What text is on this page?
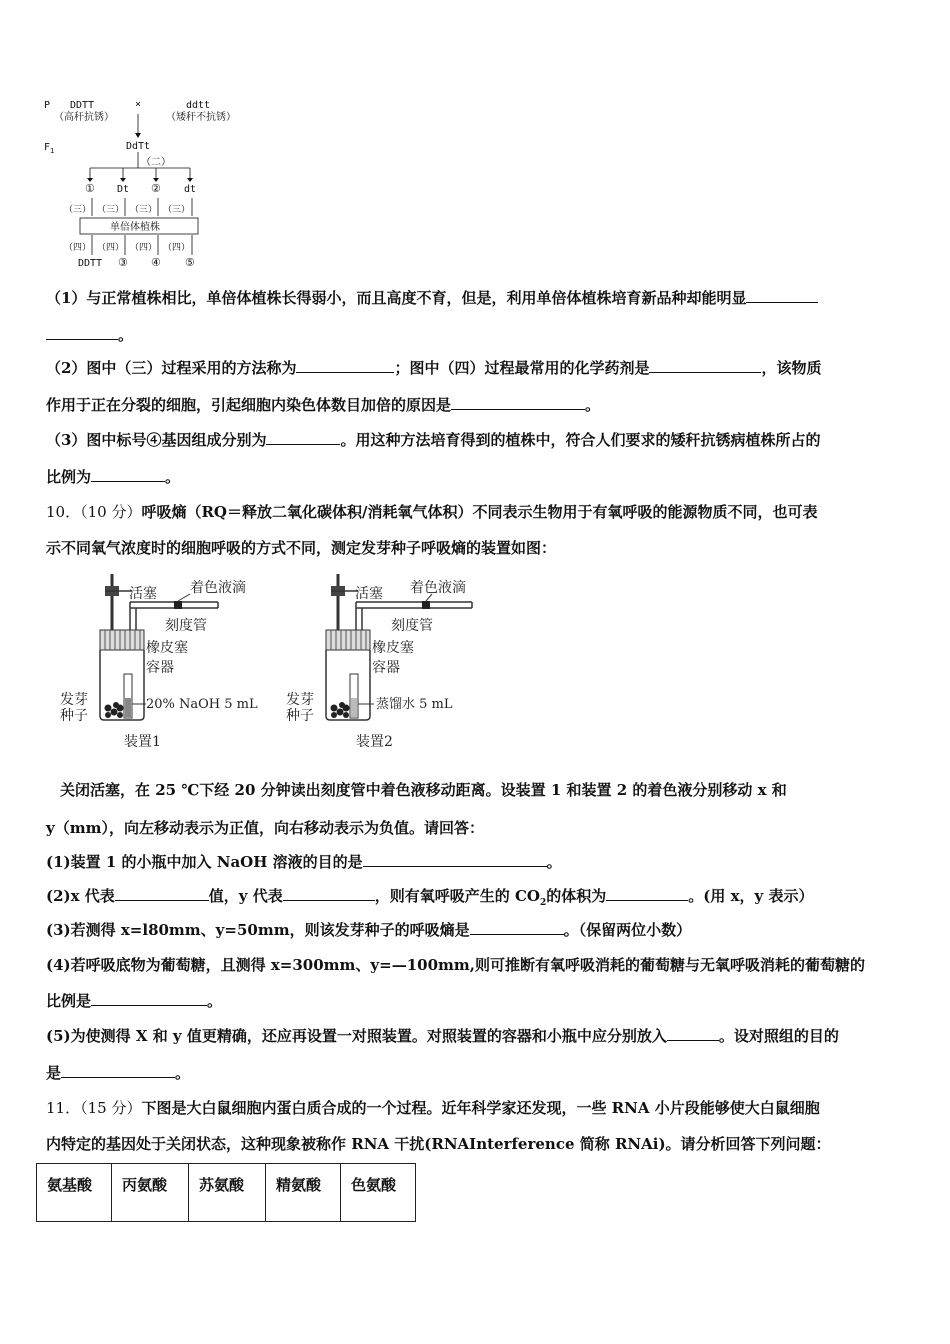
P DDTT
（高秆抗锈）
×	ddtt
（矮秆不抗锈）
$F_1$	DdTt
（二）
① Dt ② dt
（三） （三） （三） （三）
单倍体植株
（四） （四） （四） （四）
DDTT ③ ④ ⑤
（1）与正常植株相比，单倍体植株长得弱小，而且高度不育，但是，利用单倍体植株培育新品种却能明显
。
（2）图中（三）过程采用的方法称为	；图中（四）过程最常用的化学药剂是	，该物质
作用于正在分裂的细胞，引起细胞内染色体数目加倍的原因是	。
（3）图中标号④基因组成分别为	。用这种方法培育得到的植株中，符合人们要求的矮秆抗锈病植株所占的
比例为	。
10．（10 分）呼吸熵（RQ＝释放二氧化碳体积/消耗氧气体积）不同表示生物用于有氧呼吸的能源物质不同，也可表
示不同氧气浓度时的细胞呼吸的方式不同，测定发芽种子呼吸熵的装置如图：
活塞 着色液滴
刻度管
橡皮塞
容器
20% NaOH 5 mL
发芽
种子
装置1
活塞 着色液滴
刻度管
橡皮塞
容器
蒸馏水 5 mL
发芽
种子
装置2
关闭活塞，在 25 ℃下经 20 分钟读出刻度管中着色液移动距离。设装置 1 和装置 2 的着色液分别移动 x 和
y（mm），向左移动表示为正值，向右移动表示为负值。请回答：
(1)装置 1 的小瓶中加入 NaOH 溶液的目的是	。
(2)x 代表	值，y 代表	，则有氧呼吸产生的 $CO_2$的体积为	。(用 x，y 表示）
(3)若测得 x=l80mm、y=50mm，则该发芽种子的呼吸熵是	。（保留两位小数）
(4)若呼吸底物为葡萄糖，且测得 x=300mm、y=—100mm,则可推断有氧呼吸消耗的葡萄糖与无氧呼吸消耗的葡萄糖的
比例是	。
(5)为使测得 X 和 y 值更精确，还应再设置一对照装置。对照装置的容器和小瓶中应分别放入	。设对照组的目的
是	。
11．（15 分）下图是大白鼠细胞内蛋白质合成的一个过程。近年科学家还发现，一些 RNA 小片段能够使大白鼠细胞
内特定的基因处于关闭状态，这种现象被称作 RNA 干扰(RNAInterference 简称 RNAi)。请分析回答下列问题：
氨基酸	丙氨酸	苏氨酸	精氨酸	色氨酸
